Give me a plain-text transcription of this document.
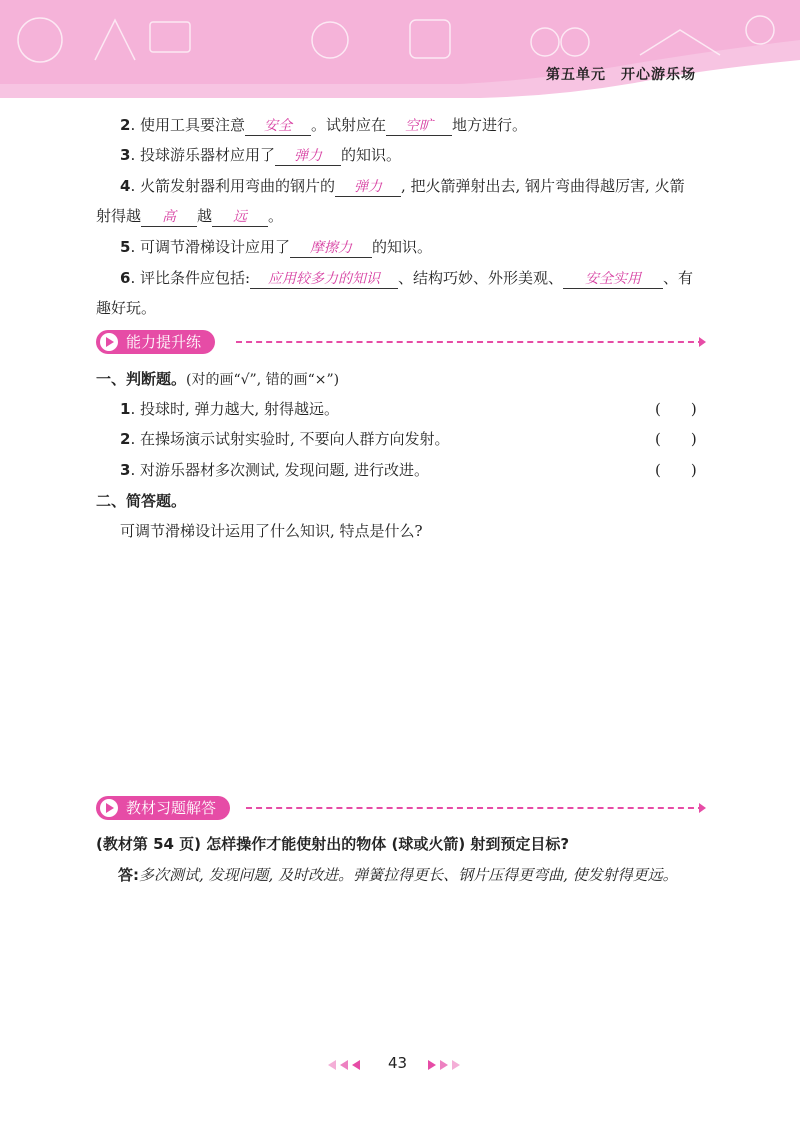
第五单元　开心游乐场
2. 使用工具要注意 安全 。试射应在 空旷 地方进行。
3. 投球游乐器材应用了 弹力 的知识。
4. 火箭发射器利用弯曲的钢片的 弹力 , 把火箭弹射出去, 钢片弯曲得越厉害, 火箭
射得越 高 越 远 。
5. 可调节滑梯设计应用了 摩擦力 的知识。
6. 评比条件应包括: 应用较多力的知识 、结构巧妙、外形美观、 安全实用 、有
趣好玩。
能力提升练
一、判断题。(对的画“√”, 错的画“×”)
1. 投球时, 弹力越大, 射得越远。	(　　)
2. 在操场演示试射实验时, 不要向人群方向发射。	(　　)
3. 对游乐器材多次测试, 发现问题, 进行改进。	(　　)
二、简答题。
可调节滑梯设计运用了什么知识, 特点是什么?
教材习题解答
(教材第 54 页) 怎样操作才能使射出的物体 (球或火箭) 射到预定目标?
答:多次测试, 发现问题, 及时改进。弹簧拉得更长、钢片压得更弯曲, 使发射得更远。
43
